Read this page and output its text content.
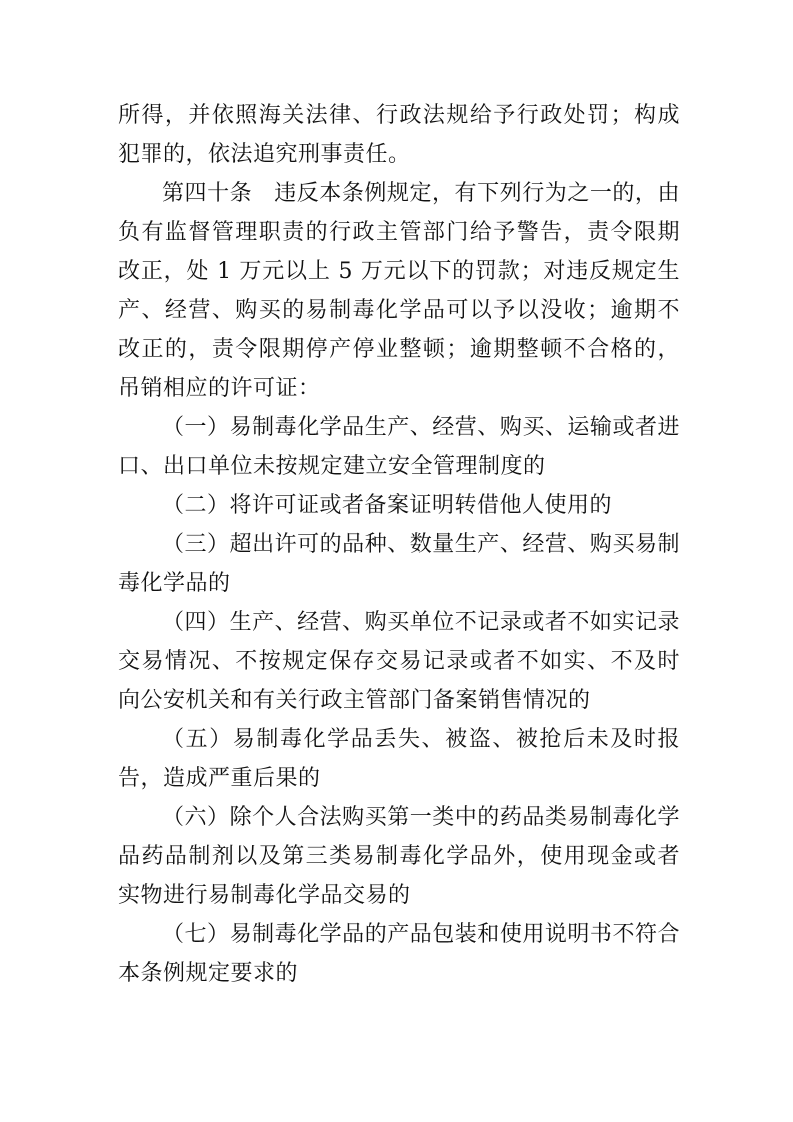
所得，并依照海关法律、行政法规给予行政处罚；构成犯罪的，依法追究刑事责任。

第四十条 违反本条例规定，有下列行为之一的，由负有监督管理职责的行政主管部门给予警告，责令限期改正，处 1 万元以上 5 万元以下的罚款；对违反规定生产、经营、购买的易制毒化学品可以予以没收；逾期不改正的，责令限期停产停业整顿；逾期整顿不合格的，吊销相应的许可证：

（一）易制毒化学品生产、经营、购买、运输或者进口、出口单位未按规定建立安全管理制度的

（二）将许可证或者备案证明转借他人使用的

（三）超出许可的品种、数量生产、经营、购买易制毒化学品的

（四）生产、经营、购买单位不记录或者不如实记录交易情况、不按规定保存交易记录或者不如实、不及时向公安机关和有关行政主管部门备案销售情况的

（五）易制毒化学品丢失、被盗、被抢后未及时报告，造成严重后果的

（六）除个人合法购买第一类中的药品类易制毒化学品药品制剂以及第三类易制毒化学品外，使用现金或者实物进行易制毒化学品交易的

（七）易制毒化学品的产品包装和使用说明书不符合本条例规定要求的
